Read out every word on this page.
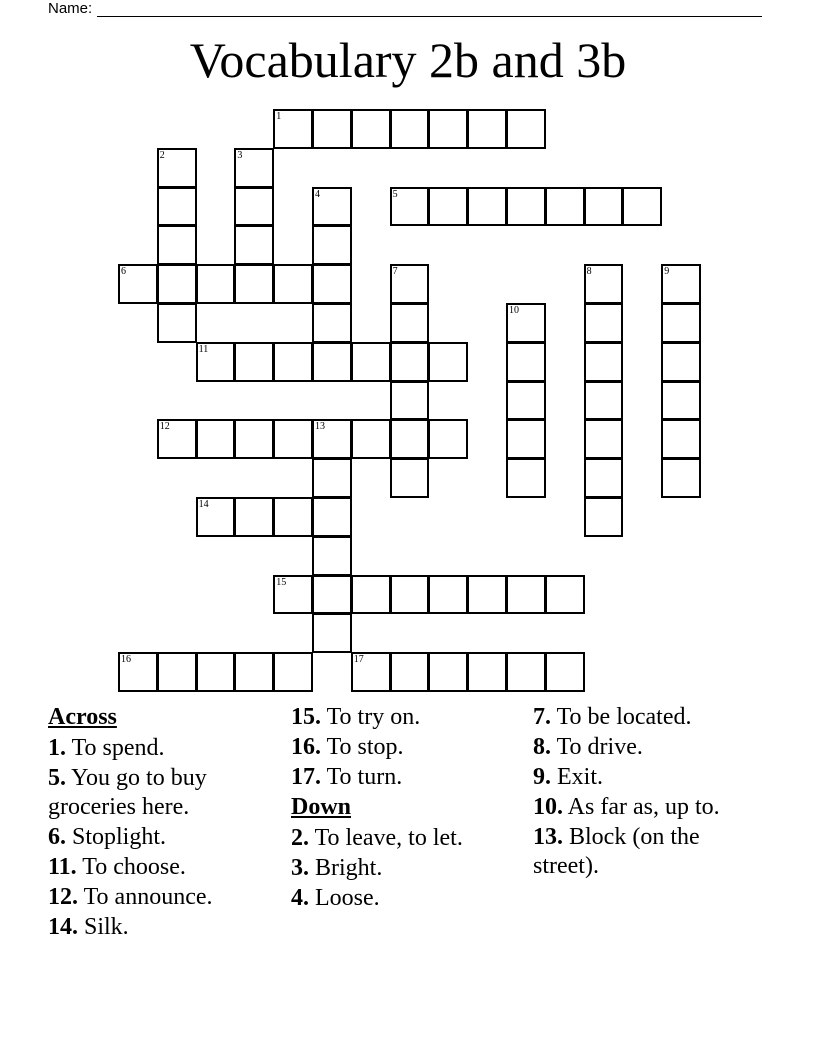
Name:
Vocabulary 2b and 3b
1
2	3
4	5
6	7	8	9
10
11
12	13
14
15
16	17
Across
1. To spend.
5. You go to buy groceries here.
6. Stoplight.
11. To choose.
12. To announce.
14. Silk.
15. To try on.
16. To stop.
17. To turn.
Down
2. To leave, to let.
3. Bright.
4. Loose.
7. To be located.
8. To drive.
9. Exit.
10. As far as, up to.
13. Block (on the street).
